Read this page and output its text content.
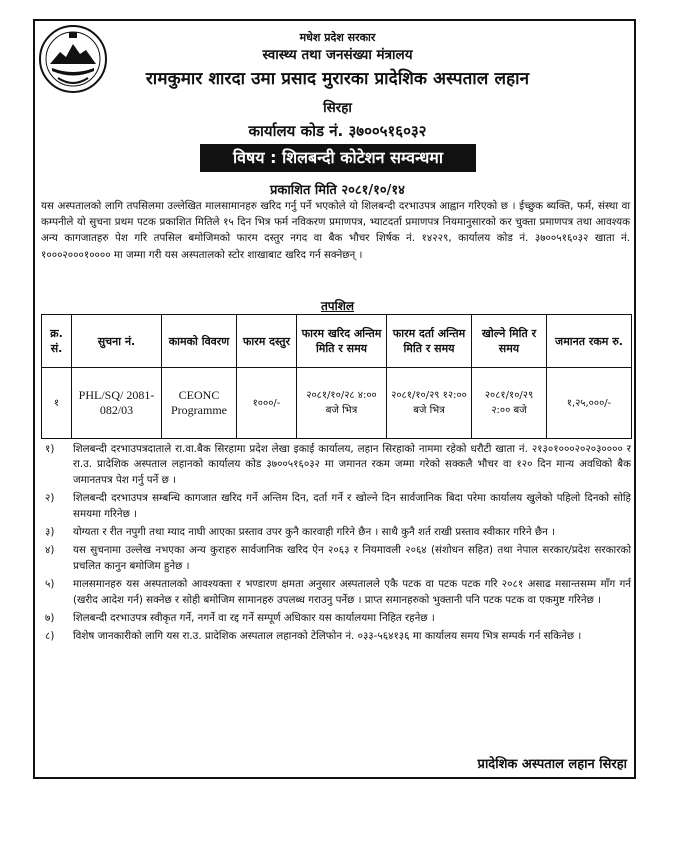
मधेश प्रदेश सरकार
स्वास्थ्य तथा जनसंख्या मंत्रालय
रामकुमार शारदा उमा प्रसाद मुरारका प्रादेशिक अस्पताल लहान
सिरहा
कार्यालय कोड नं. ३७००५१६०३२
विषय : शिलबन्दी कोटेशन सम्वन्धमा
प्रकाशित मिति २०८१/१०/१४
यस अस्पतालको लागि तपसिलमा उल्लेखित मालसामानहरु खरिद गर्नु पर्ने भएकोले यो शिलबन्दी दरभाउपत्र आह्वान गरिएको छ । ईच्छुक ब्यक्ति, फर्म, संस्था वा कम्पनीले यो सुचना प्रथम पटक प्रकाशित मितिले १५ दिन भित्र फर्म नविकरण प्रमाणपत्र, भ्याटदर्ता प्रमाणपत्र नियमानुसारको कर चुक्ता प्रमाणपत्र तथा आवश्यक अन्य कागजातहरु पेश गरि तपसिल बमोजिमको फारम दस्तुर नगद वा बैक भौचर शिर्षक नं. १४२२९, कार्यालय कोड नं. ३७००५१६०३२ खाता नं. १०००२०००१०००० मा जम्मा गरी यस अस्पतालको स्टोर शाखाबाट खरिद गर्न सक्नेछन् ।
तपशिल
क्र. सं.	सुचना नं.	कामको विवरण	फारम दस्तुर	फारम खरिद अन्तिम मिति र समय	फारम दर्ता अन्तिम मिति र समय	खोल्ने मिति र समय	जमानत रकम रु.
१	PHL/SQ/ 2081-082/03	CEONC Programme	१०००/-	२०८१/१०/२८ ४:०० बजे भित्र	२०८१/१०/२९ १२:०० बजे भित्र	२०८१/१०/२९ २:०० बजे	१,२५,०००/-
१) शिलबन्दी दरभाउपत्रदाताले रा.वा.बैक सिरहामा प्रदेश लेखा इकाई कार्यालय, लहान सिरहाको नाममा रहेको धरौटी खाता नं. २१३०१०००२०२०३०००० र रा.उ. प्रादेशिक अस्पताल लहानको कार्यालय कोड ३७००५१६०३२ मा जमानत रकम जम्मा गरेको सक्कलै भौचर वा १२० दिन मान्य अवधिको बैक जमानतपत्र पेश गर्नु पर्ने छ ।
२) शिलबन्दी दरभाउपत्र सम्बन्धि कागजात खरिद गर्ने अन्तिम दिन, दर्ता गर्ने र खोल्ने दिन सार्वजानिक बिदा परेमा कार्यालय खुलेको पहिलो दिनको सोहि समयमा गरिनेछ ।
३) योग्यता र रीत नपुगी तथा म्याद नाघी आएका प्रस्ताव उपर कुनै कारवाही गरिने छैन । साथै कुनै शर्त राखी प्रस्ताव स्वीकार गरिने छैन ।
४) यस सुचनामा उल्लेख नभएका अन्य कुराहरु सार्वजानिक खरिद ऐन २०६३ र नियमावली २०६४ (संशोधन सहित) तथा नेपाल सरकार/प्रदेश सरकारको प्रचलित कानुन बमोजिम हुनेछ ।
५) मालसमानहरु यस अस्पतालको आवश्यक्ता र भण्डारण क्षमता अनुसार अस्पतालले एकै पटक वा पटक पटक गरि २०८१ असाढ मसान्तसम्म माँग गर्न (खरीद आदेश गर्न) सक्नेछ र सोही बमोजिम सामानहरु उपलब्ध गराउनु पर्नेछ । प्राप्त समानहरुको भुक्तानी पनि पटक पटक वा एकमुष्ट गरिनेछ ।
७) शिलबन्दी दरभाउपत्र स्वीकृत गर्ने, नगर्ने वा रद्द गर्ने सम्पूर्ण अधिकार यस कार्यालयमा निहित रहनेछ ।
८) विशेष जानकारीको लागि यस रा.उ. प्रादेशिक अस्पताल लहानको टेलिफोन नं. ०३३-५६४१३६ मा कार्यालय समय भित्र सम्पर्क गर्न सकिनेछ ।
प्रादेशिक अस्पताल लहान सिरहा
